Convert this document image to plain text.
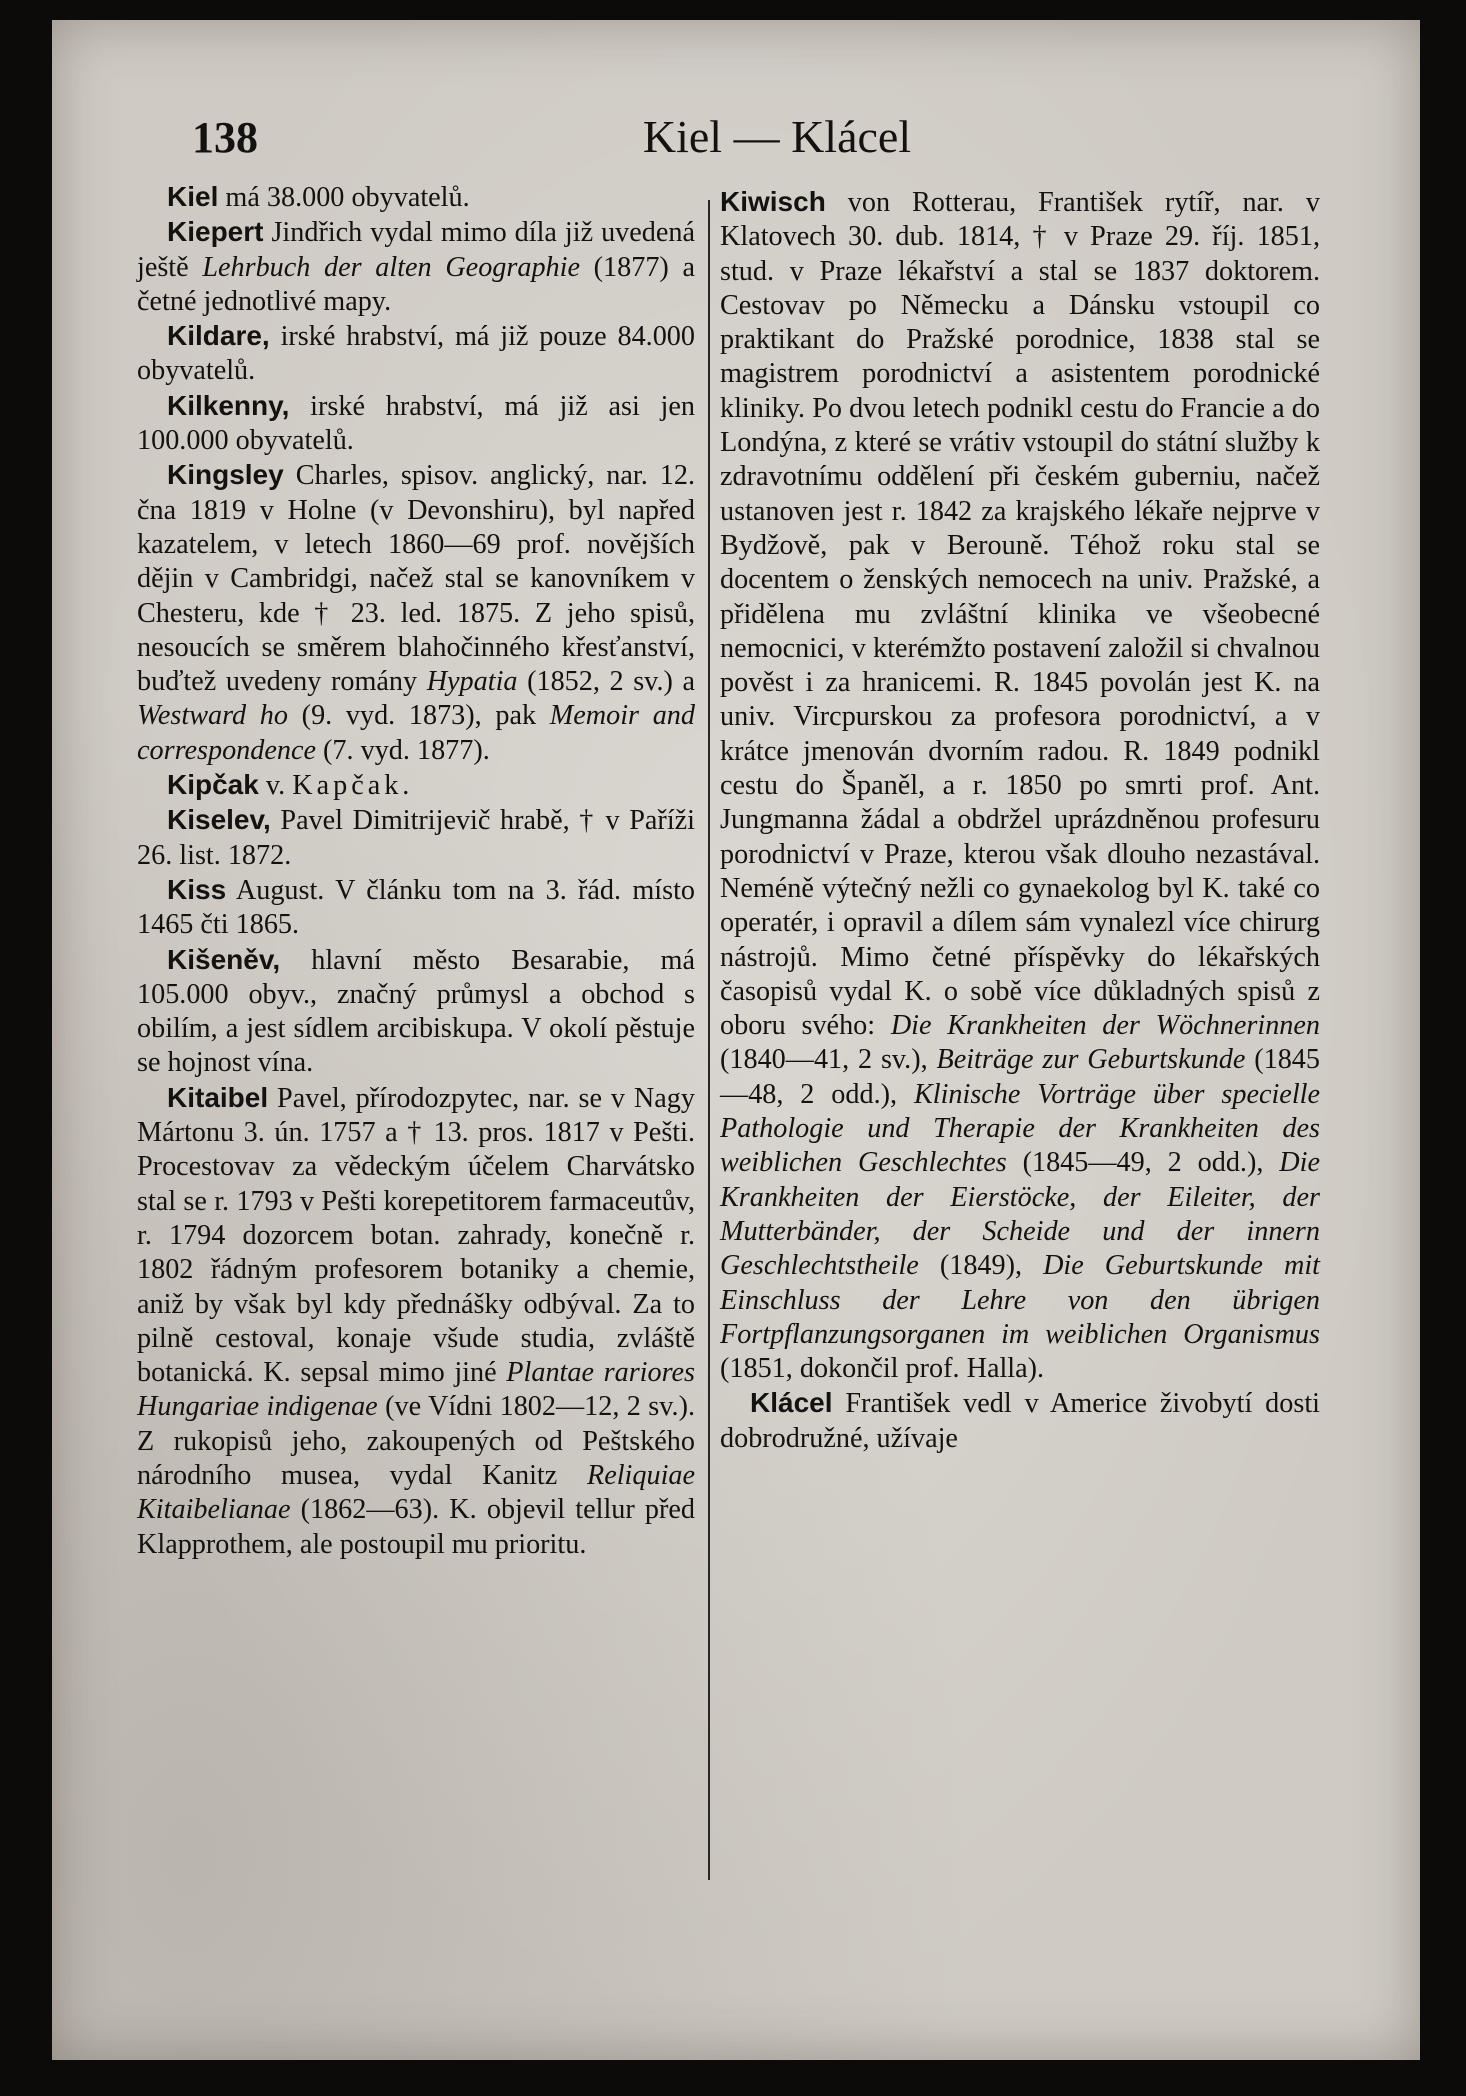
138	Kiel — Klácel

Kiel má 38.000 obyvatelů.

Kiepert Jindřich vydal mimo díla již uvedená ještě Lehrbuch der alten Geographie (1877) a četné jednotlivé mapy.

Kildare, irské hrabství, má již pouze 84.000 obyvatelů.

Kilkenny, irské hrabství, má již asi jen 100.000 obyvatelů.

Kingsley Charles, spisov. anglický, nar. 12. čna 1819 v Holne (v Devonshiru), byl napřed kazatelem, v letech 1860—69 prof. novějších dějin v Cambridgi, načež stal se kanovníkem v Chesteru, kde † 23. led. 1875. Z jeho spisů, nesoucích se směrem blahočinného křesťanství, buďtež uvedeny romány Hypatia (1852, 2 sv.) a Westward ho (9. vyd. 1873), pak Memoir and correspondence (7. vyd. 1877).

Kipčak v. Kapčak.

Kiselev, Pavel Dimitrijevič hrabě, † v Paříži 26. list. 1872.

Kiss August. V článku tom na 3. řád. místo 1465 čti 1865.

Kišeněv, hlavní město Besarabie, má 105.000 obyv., značný průmysl a obchod s obilím, a jest sídlem arcibiskupa. V okolí pěstuje se hojnost vína.

Kitaibel Pavel, přírodozpytec, nar. se v Nagy Mártonu 3. ún. 1757 a † 13. pros. 1817 v Pešti. Procestovav za vědeckým účelem Charvátsko stal se r. 1793 v Pešti korepetitorem farmaceutův, r. 1794 dozorcem botan. zahrady, konečně r. 1802 řádným profesorem botaniky a chemie, aniž by však byl kdy přednášky odbýval. Za to pilně cestoval, konaje všude studia, zvláště botanická. K. sepsal mimo jiné Plantae rariores Hungariae indigenae (ve Vídni 1802—12, 2 sv.). Z rukopisů jeho, zakoupených od Peštského národního musea, vydal Kanitz Reliquiae Kitaibelianae (1862—63). K. objevil tellur před Klapprothem, ale postoupil mu prioritu.

Kiwisch von Rotterau, František rytíř, nar. v Klatovech 30. dub. 1814, † v Praze 29. říj. 1851, stud. v Praze lékařství a stal se 1837 doktorem. Cestovav po Německu a Dánsku vstoupil co praktikant do Pražské porodnice, 1838 stal se magistrem porodnictví a asistentem porodnické kliniky. Po dvou letech podnikl cestu do Francie a do Londýna, z které se vrátiv vstoupil do státní služby k zdravotnímu oddělení při českém guberniu, načež ustanoven jest r. 1842 za krajského lékaře nejprve v Bydžově, pak v Berouně. Téhož roku stal se docentem o ženských nemocech na univ. Pražské, a přidělena mu zvláštní klinika ve všeobecné nemocnici, v kterémžto postavení založil si chvalnou pověst i za hranicemi. R. 1845 povolán jest K. na univ. Vircpurskou za profesora porodnictví, a v krátce jmenován dvorním radou. R. 1849 podnikl cestu do Španěl, a r. 1850 po smrti prof. Ant. Jungmanna žádal a obdržel uprázdněnou profesuru porodnictví v Praze, kterou však dlouho nezastával. Neméně výtečný nežli co gynaekolog byl K. také co operatér, i opravil a dílem sám vynalezl více chirurg nástrojů. Mimo četné příspěvky do lékařských časopisů vydal K. o sobě více důkladných spisů z oboru svého: Die Krankheiten der Wöchnerinnen (1840—41, 2 sv.), Beiträge zur Geburtskunde (1845—48, 2 odd.), Klinische Vorträge über specielle Pathologie und Therapie der Krankheiten des weiblichen Geschlechtes (1845—49, 2 odd.), Die Krankheiten der Eierstöcke, der Eileiter, der Mutterbänder, der Scheide und der innern Geschlechtstheile (1849), Die Geburtskunde mit Einschluss der Lehre von den übrigen Fortpflanzungsorganen im weiblichen Organismus (1851, dokončil prof. Halla).

Klácel František vedl v Americe živobytí dosti dobrodružné, užívaje
